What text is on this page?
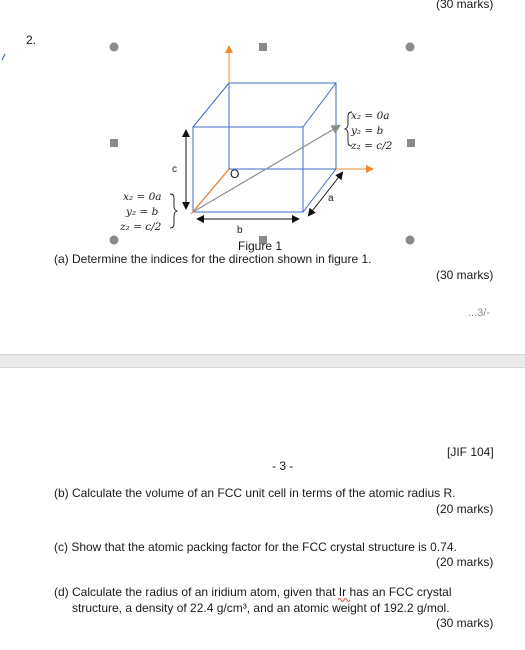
(30 marks)
2.
c	O
a
b
x₂ = 0a
y₂ = b
z₂ = c/2
x₂ = 0a
y₂ = b
z₂ = c/2
Figure 1
(a) Determine the indices for the direction shown in figure 1.
(30 marks)
...3/-
[JIF 104]
- 3 -
(b) Calculate the volume of an FCC unit cell in terms of the atomic radius R.
(20 marks)
(c) Show that the atomic packing factor for the FCC crystal structure is 0.74.
(20 marks)
(d) Calculate the radius of an iridium atom, given that Ir has an FCC crystal
structure, a density of 22.4 g/cm³, and an atomic weight of 192.2 g/mol.
(30 marks)
